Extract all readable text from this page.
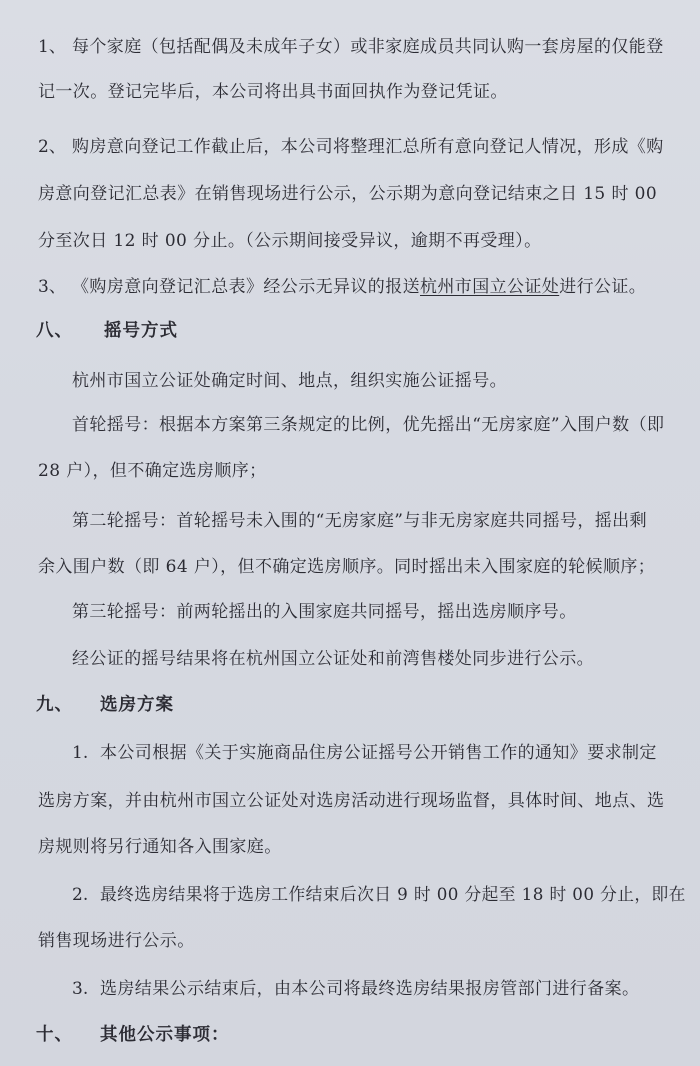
1、 每个家庭（包括配偶及未成年子女）或非家庭成员共同认购一套房屋的仅能登
记一次。登记完毕后，本公司将出具书面回执作为登记凭证。
2、 购房意向登记工作截止后，本公司将整理汇总所有意向登记人情况，形成《购
房意向登记汇总表》在销售现场进行公示，公示期为意向登记结束之日 15 时 00
分至次日 12 时 00 分止。（公示期间接受异议，逾期不再受理）。
3、 《购房意向登记汇总表》经公示无异议的报送杭州市国立公证处进行公证。
八、 摇号方式
杭州市国立公证处确定时间、地点，组织实施公证摇号。
首轮摇号：根据本方案第三条规定的比例，优先摇出“无房家庭”入围户数（即
28 户），但不确定选房顺序；
第二轮摇号：首轮摇号未入围的“无房家庭”与非无房家庭共同摇号，摇出剩
余入围户数（即 64 户），但不确定选房顺序。同时摇出未入围家庭的轮候顺序；
第三轮摇号：前两轮摇出的入围家庭共同摇号，摇出选房顺序号。
经公证的摇号结果将在杭州国立公证处和前湾售楼处同步进行公示。
九、 选房方案
1. 本公司根据《关于实施商品住房公证摇号公开销售工作的通知》要求制定
选房方案，并由杭州市国立公证处对选房活动进行现场监督，具体时间、地点、选
房规则将另行通知各入围家庭。
2. 最终选房结果将于选房工作结束后次日 9 时 00 分起至 18 时 00 分止，即在
销售现场进行公示。
3. 选房结果公示结束后，由本公司将最终选房结果报房管部门进行备案。
十、 其他公示事项：
